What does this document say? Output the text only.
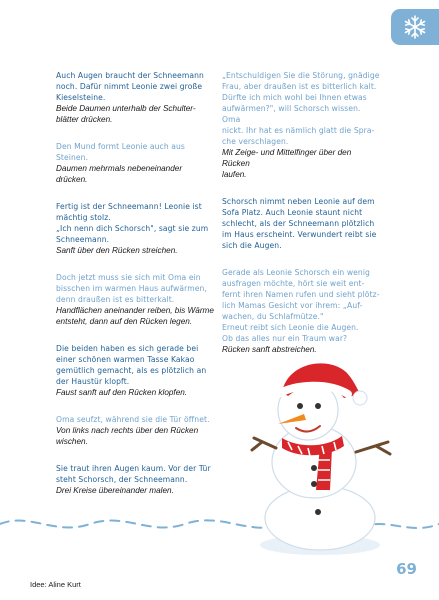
Auch Augen braucht der Schneemann
noch. Dafür nimmt Leonie zwei große
Kieselsteine.

Beide Daumen unterhalb der Schulter-
blätter drücken.

Den Mund formt Leonie auch aus Steinen.

Daumen mehrmals nebeneinander
drücken.

Fertig ist der Schneemann! Leonie ist
mächtig stolz.
„Ich nenn dich Schorsch", sagt sie zum
Schneemann.

Sanft über den Rücken streichen.

Doch jetzt muss sie sich mit Oma ein
bisschen im warmen Haus aufwärmen,
denn draußen ist es bitterkalt.

Handflächen aneinander reiben, bis Wärme
entsteht, dann auf den Rücken legen.

Die beiden haben es sich gerade bei
einer schönen warmen Tasse Kakao
gemütlich gemacht, als es plötzlich an
der Haustür klopft.

Faust sanft auf den Rücken klopfen.

Oma seufzt, während sie die Tür öffnet.

Von links nach rechts über den Rücken
wischen.

Sie traut ihren Augen kaum. Vor der Tür
steht Schorsch, der Schneemann.

Drei Kreise übereinander malen.

„Entschuldigen Sie die Störung, gnädige
Frau, aber draußen ist es bitterlich kalt.
Dürfte ich mich wohl bei Ihnen etwas
aufwärmen?", will Schorsch wissen. Oma
nickt. Ihr hat es nämlich glatt die Spra-
che verschlagen.

Mit Zeige- und Mittelfinger über den Rücken
laufen.

Schorsch nimmt neben Leonie auf dem
Sofa Platz. Auch Leonie staunt nicht
schlecht, als der Schneemann plötzlich
im Haus erscheint. Verwundert reibt sie
sich die Augen.

Gerade als Leonie Schorsch ein wenig
ausfragen möchte, hört sie weit ent-
fernt ihren Namen rufen und sieht plötz-
lich Mamas Gesicht vor ihrem: „Auf-
wachen, du Schlafmütze."
Erneut reibt sich Leonie die Augen.
Ob das alles nur ein Traum war?

Rücken sanft abstreichen.

69
Idee: Aline Kurt
